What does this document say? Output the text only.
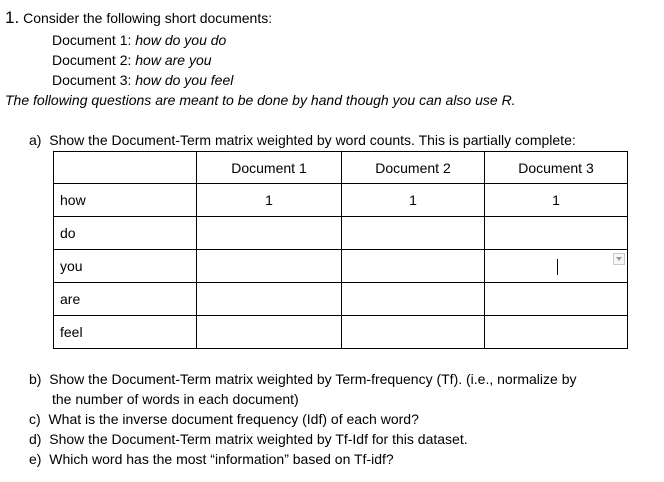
1. Consider the following short documents:
Document 1: how do you do
Document 2: how are you
Document 3: how do you feel
The following questions are meant to be done by hand though you can also use R.
a) Show the Document-Term matrix weighted by word counts. This is partially complete:
	Document 1	Document 2	Document 3
how	1	1	1
do			
you			
are			
feel			
b) Show the Document-Term matrix weighted by Term-frequency (Tf). (i.e., normalize by
the number of words in each document)
c) What is the inverse document frequency (Idf) of each word?
d) Show the Document-Term matrix weighted by Tf-Idf for this dataset.
e) Which word has the most “information” based on Tf-idf?
